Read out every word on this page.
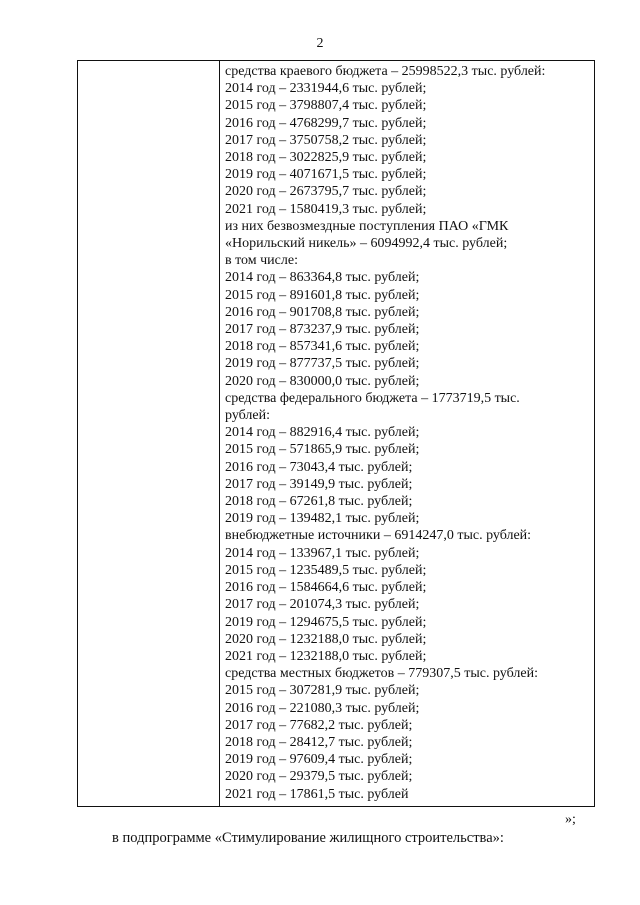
2
средства краевого бюджета – 25998522,3 тыс. рублей:
2014 год – 2331944,6 тыс. рублей;
2015 год – 3798807,4 тыс. рублей;
2016 год – 4768299,7 тыс. рублей;
2017 год – 3750758,2 тыс. рублей;
2018 год – 3022825,9 тыс. рублей;
2019 год – 4071671,5 тыс. рублей;
2020 год – 2673795,7 тыс. рублей;
2021 год – 1580419,3 тыс. рублей;
из них безвозмездные поступления ПАО «ГМК
«Норильский никель» – 6094992,4 тыс. рублей;
в том числе:
2014 год – 863364,8 тыс. рублей;
2015 год – 891601,8 тыс. рублей;
2016 год – 901708,8 тыс. рублей;
2017 год – 873237,9 тыс. рублей;
2018 год – 857341,6 тыс. рублей;
2019 год – 877737,5 тыс. рублей;
2020 год – 830000,0 тыс. рублей;
средства федерального бюджета – 1773719,5 тыс.
рублей:
2014 год – 882916,4 тыс. рублей;
2015 год – 571865,9 тыс. рублей;
2016 год – 73043,4 тыс. рублей;
2017 год – 39149,9 тыс. рублей;
2018 год – 67261,8 тыс. рублей;
2019 год – 139482,1 тыс. рублей;
внебюджетные источники – 6914247,0 тыс. рублей:
2014 год – 133967,1 тыс. рублей;
2015 год – 1235489,5 тыс. рублей;
2016 год – 1584664,6 тыс. рублей;
2017 год – 201074,3 тыс. рублей;
2019 год – 1294675,5 тыс. рублей;
2020 год – 1232188,0 тыс. рублей;
2021 год – 1232188,0 тыс. рублей;
средства местных бюджетов – 779307,5 тыс. рублей:
2015 год – 307281,9 тыс. рублей;
2016 год – 221080,3 тыс. рублей;
2017 год – 77682,2 тыс. рублей;
2018 год – 28412,7 тыс. рублей;
2019 год – 97609,4 тыс. рублей;
2020 год – 29379,5 тыс. рублей;
2021 год – 17861,5 тыс. рублей
»;
в подпрограмме «Стимулирование жилищного строительства»:
